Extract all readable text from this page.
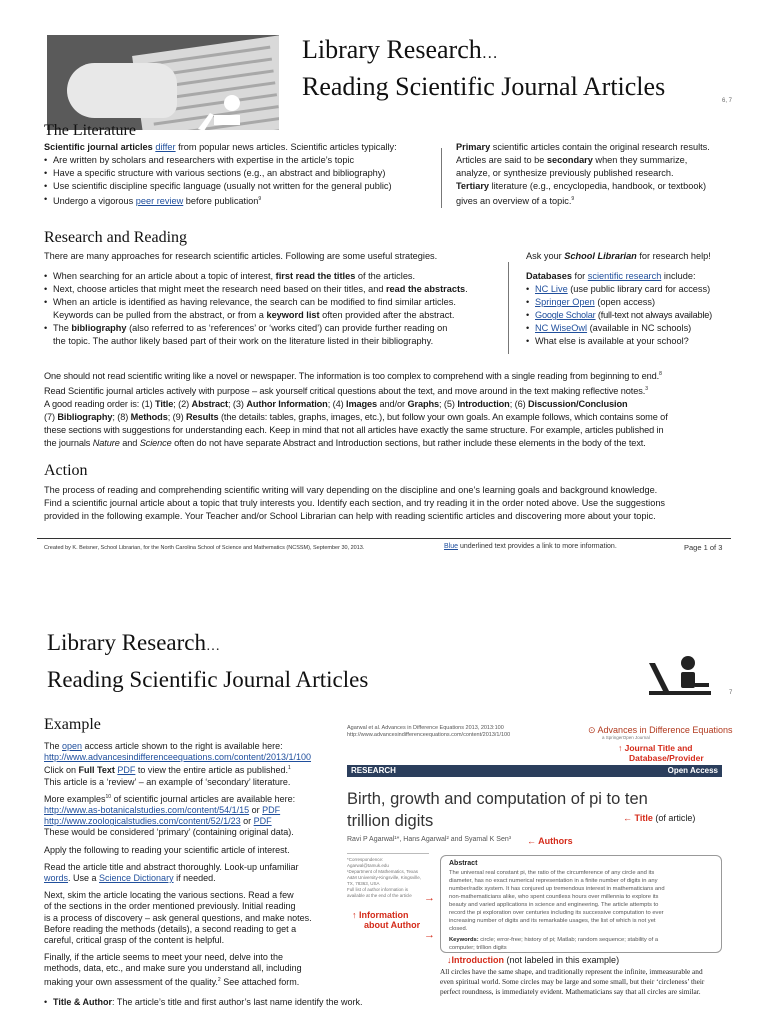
Library Research…
Reading Scientific Journal Articles	6, 7
The Literature
Scientific journal articles differ from popular news articles. Scientific articles typically:
• Are written by scholars and researchers with expertise in the article’s topic
• Have a specific structure with various sections (e.g., an abstract and bibliography)
• Use scientific discipline specific language (usually not written for the general public)
• Undergo a vigorous peer review before publication$^9$
Primary scientific articles contain the original research results.
Articles are said to be secondary when they summarize,
analyze, or synthesize previously published research.
Tertiary literature (e.g., encyclopedia, handbook, or textbook)
gives an overview of a topic.$^9$
Research and Reading
There are many approaches for research scientific articles. Following are some useful strategies.
• When searching for an article about a topic of interest, first read the titles of the articles.
• Next, choose articles that might meet the research need based on their titles, and read the abstracts.
• When an article is identified as having relevance, the search can be modified to find similar articles.
Keywords can be pulled from the abstract, or from a keyword list often provided after the abstract.
• The bibliography (also referred to as ‘references’ or ‘works cited’) can provide further reading on
the topic. The author likely based part of their work on the literature listed in their bibliography.
Ask your School Librarian for research help!
Databases for scientific research include:
• NC Live (use public library card for access)
• Springer Open (open access)
• Google Scholar (full-text not always available)
• NC WiseOwl (available in NC schools)
• What else is available at your school?
One should not read scientific writing like a novel or newspaper. The information is too complex to comprehend with a single reading from beginning to end.$^8$
Read Scientific journal articles actively with purpose – ask yourself critical questions about the text, and move around in the text making reflective notes.$^3$
A good reading order is: (1) Title; (2) Abstract; (3) Author Information; (4) Images and/or Graphs; (5) Introduction; (6) Discussion/Conclusion
(7) Bibliography; (8) Methods; (9) Results (the details: tables, graphs, images, etc.), but follow your own goals. An example follows, which contains some of
these sections with suggestions for understanding each. Keep in mind that not all articles have exactly the same structure. For example, articles published in
the journals Nature and Science often do not have separate Abstract and Introduction sections, but rather include these elements in the body of the text.
Action
The process of reading and comprehending scientific writing will vary depending on the discipline and one’s learning goals and background knowledge.
Find a scientific journal article about a topic that truly interests you. Identify each section, and try reading it in the order noted above. Use the suggestions
provided in the following example. Your Teacher and/or School Librarian can help with reading scientific articles and discovering more about your topic.
Created by K. Beisner, School Librarian, for the North Carolina School of Science and Mathematics (NCSSM), September 30, 2013.	Blue underlined text provides a link to more information.	Page 1 of 3
Library Research…
Reading Scientific Journal Articles
7
Example
The open access article shown to the right is available here:
http://www.advancesindifferenceequations.com/content/2013/1/100
Click on Full Text PDF to view the entire article as published.$^1$
This article is a ‘review’ – an example of ‘secondary’ literature.
More examples$^{10}$ of scientific journal articles are available here:
http://www.as-botanicalstudies.com/content/54/1/15 or PDF
http://www.zoologicalstudies.com/content/52/1/23 or PDF
These would be considered ‘primary’ (containing original data).
Apply the following to reading your scientific article of interest.
Read the article title and abstract thoroughly. Look-up unfamiliar
words. Use a Science Dictionary if needed.
Next, skim the article locating the various sections. Read a few
of the sections in the order mentioned previously. Initial reading
is a process of discovery – ask general questions, and make notes.
Before reading the methods (details), a second reading to get a
careful, critical grasp of the content is helpful.
Finally, if the article seems to meet your need, delve into the
methods, data, etc., and make sure you understand all, including
making your own assessment of the quality.$^2$ See attached form.
• Title & Author: The article’s title and first author’s last name identify the work.
Agarwal et al. Advances in Difference Equations 2013, 2013:100
http://www.advancesindifferenceequations.com/content/2013/1/100	⊙ Advances in Difference Equations
a SpringerOpen Journal
↑ Journal Title and
Database/Provider
RESEARCH	Open Access
Birth, growth and computation of pi to ten
trillion digits	← Title (of article)
Ravi P Agarwal¹*, Hans Agarwal² and Syamal K Sen³ ← Authors
*Correspondence:
Agarwal@tamuk.edu
¹Department of Mathematics, Texas
A&M University-Kingsville, Kingsville,
TX, 78363, USA
Full list of author information is
available at the end of the article
↑ Information
about Author
Abstract
The universal real constant pi, the ratio of the circumference of any circle and its
diameter, has no exact numerical representation in a finite number of digits in any
number/radix system. It has conjured up tremendous interest in mathematicians and
non-mathematicians alike, who spent countless hours over millennia to explore its
beauty and varied applications in science and engineering. The article attempts to
record the pi exploration over centuries including its successive computation to ever
increasing number of digits and its remarkable usages, the list of which is not yet
closed.
Keywords: circle; error-free; history of pi; Matlab; random sequence; stability of a
computer; trillion digits
→
→
↓Introduction (not labeled in this example)
All circles have the same shape, and traditionally represent the infinite, immeasurable and
even spiritual world. Some circles may be large and some small, but their ‘circleness’ their
perfect roundness, is immediately evident. Mathematicians say that all circles are similar.
